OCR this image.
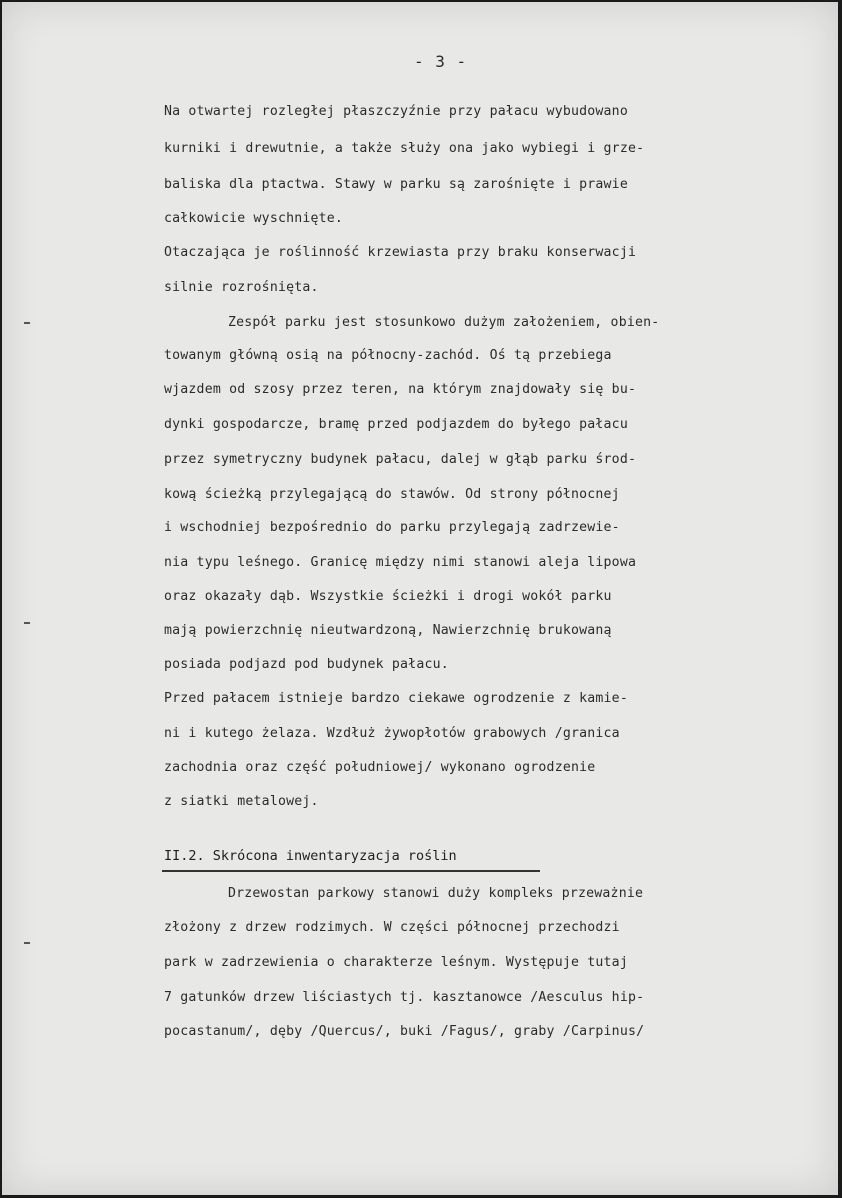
- 3 -
Na otwartej rozległej płaszczyźnie przy pałacu wybudowano
kurniki i drewutnie, a także służy ona jako wybiegi i grze-
baliska dla ptactwa. Stawy w parku są zarośnięte i prawie
całkowicie wyschnięte.
Otaczająca je roślinność krzewiasta przy braku konserwacji
silnie rozrośnięta.
Zespół parku jest stosunkowo dużym założeniem, obien-
towanym główną osią na północny-zachód. Oś tą przebiega
wjazdem od szosy przez teren, na którym znajdowały się bu-
dynki gospodarcze, bramę przed podjazdem do byłego pałacu
przez symetryczny budynek pałacu, dalej w głąb parku środ-
kową ścieżką przylegającą do stawów. Od strony północnej
i wschodniej bezpośrednio do parku przylegają zadrzewie-
nia typu leśnego. Granicę między nimi stanowi aleja lipowa
oraz okazały dąb. Wszystkie ścieżki i drogi wokół parku
mają powierzchnię nieutwardzoną, Nawierzchnię brukowaną
posiada podjazd pod budynek pałacu.
Przed pałacem istnieje bardzo ciekawe ogrodzenie z kamie-
ni i kutego żelaza. Wzdłuż żywopłotów grabowych /granica
zachodnia oraz część południowej/ wykonano ogrodzenie
z siatki metalowej.
II.2. Skrócona inwentaryzacja roślin
Drzewostan parkowy stanowi duży kompleks przeważnie
złożony z drzew rodzimych. W części północnej przechodzi
park w zadrzewienia o charakterze leśnym. Występuje tutaj
7 gatunków drzew liściastych tj. kasztanowce /Aesculus hip-
pocastanum/, dęby /Quercus/, buki /Fagus/, graby /Carpinus/
